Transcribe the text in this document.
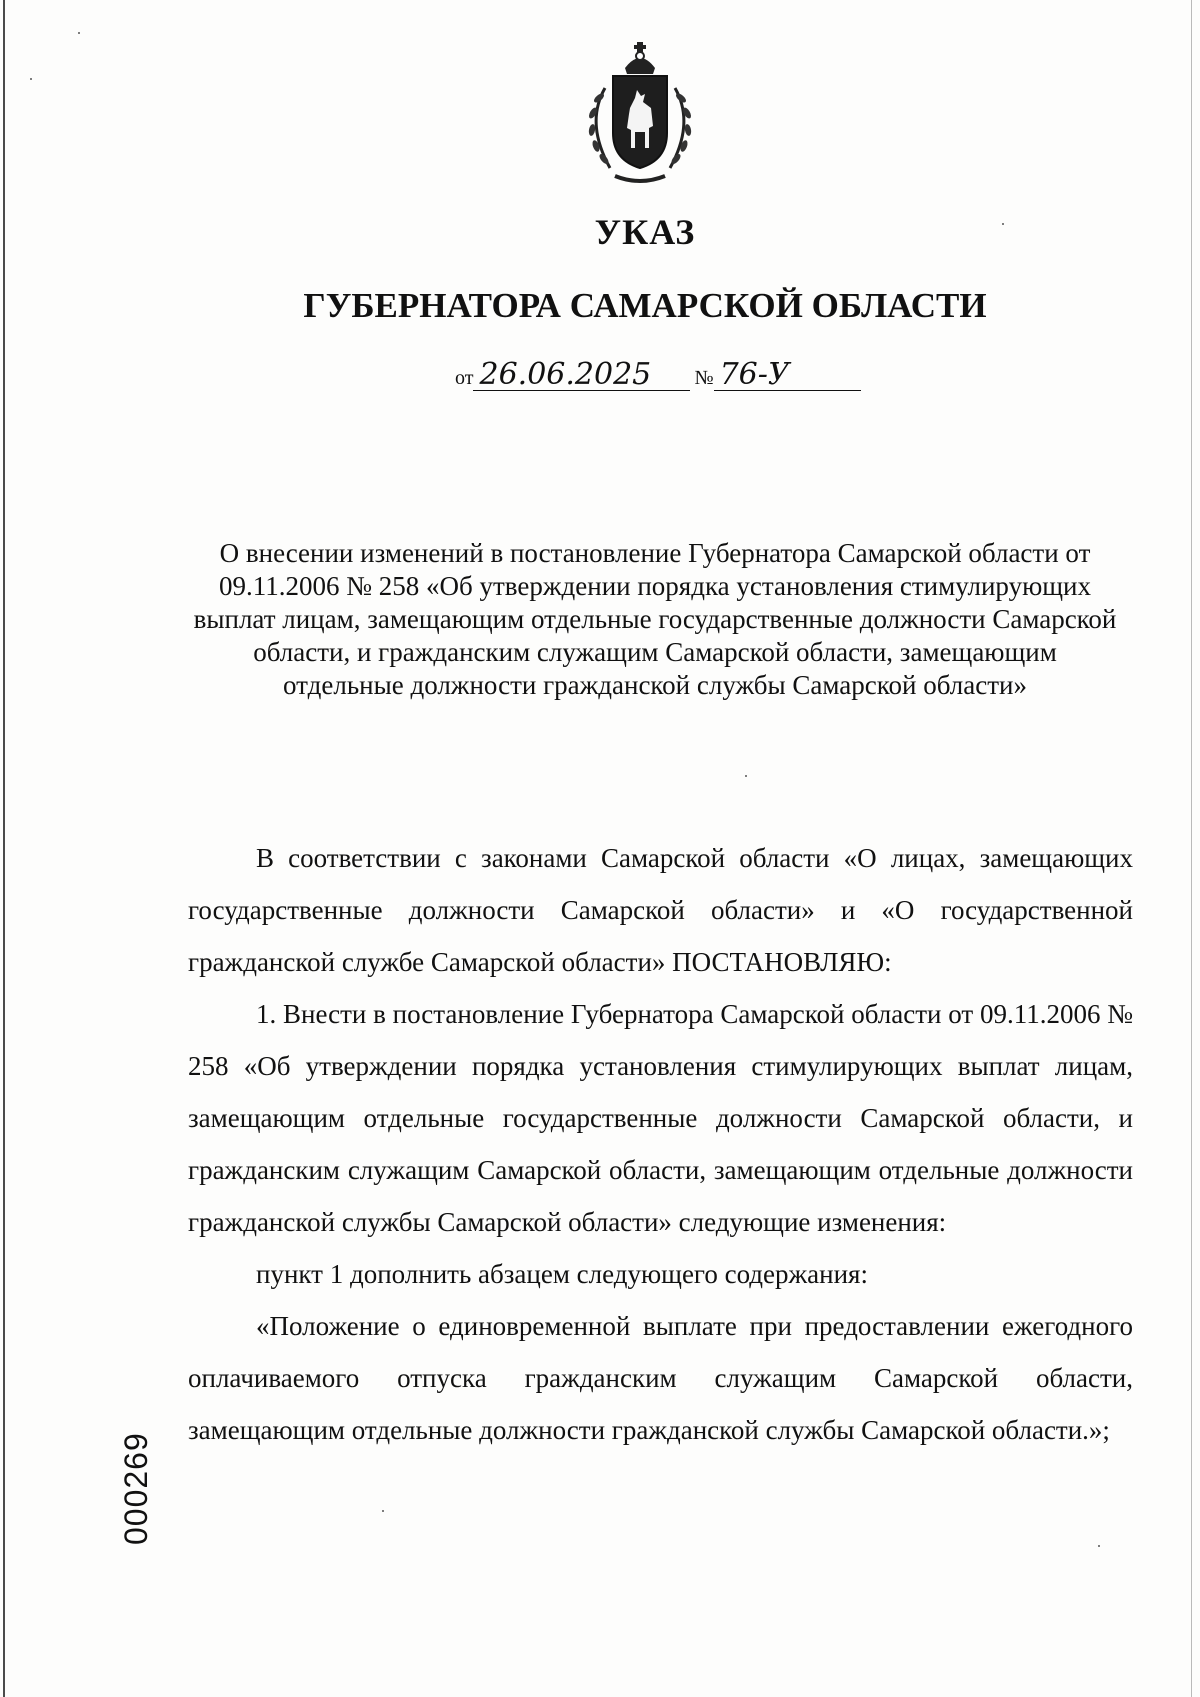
УКАЗ
ГУБЕРНАТОРА САМАРСКОЙ ОБЛАСТИ
от 26.06.2025 № 76-У
О внесении изменений в постановление Губернатора Самарской области от 09.11.2006 № 258 «Об утверждении порядка установления стимулирующих выплат лицам, замещающим отдельные государственные должности Самарской области, и гражданским служащим Самарской области, замещающим отдельные должности гражданской службы Самарской области»

В соответствии с законами Самарской области «О лицах, замещающих государственные должности Самарской области» и «О государственной гражданской службе Самарской области» ПОСТАНОВЛЯЮ:

1. Внести в постановление Губернатора Самарской области от 09.11.2006 № 258 «Об утверждении порядка установления стимулирующих выплат лицам, замещающим отдельные государственные должности Самарской области, и гражданским служащим Самарской области, замещающим отдельные должности гражданской службы Самарской области» следующие изменения:

пункт 1 дополнить абзацем следующего содержания:

«Положение о единовременной выплате при предоставлении ежегодного оплачиваемого отпуска гражданским служащим Самарской области, замещающим отдельные должности гражданской службы Самарской области.»;

000269
